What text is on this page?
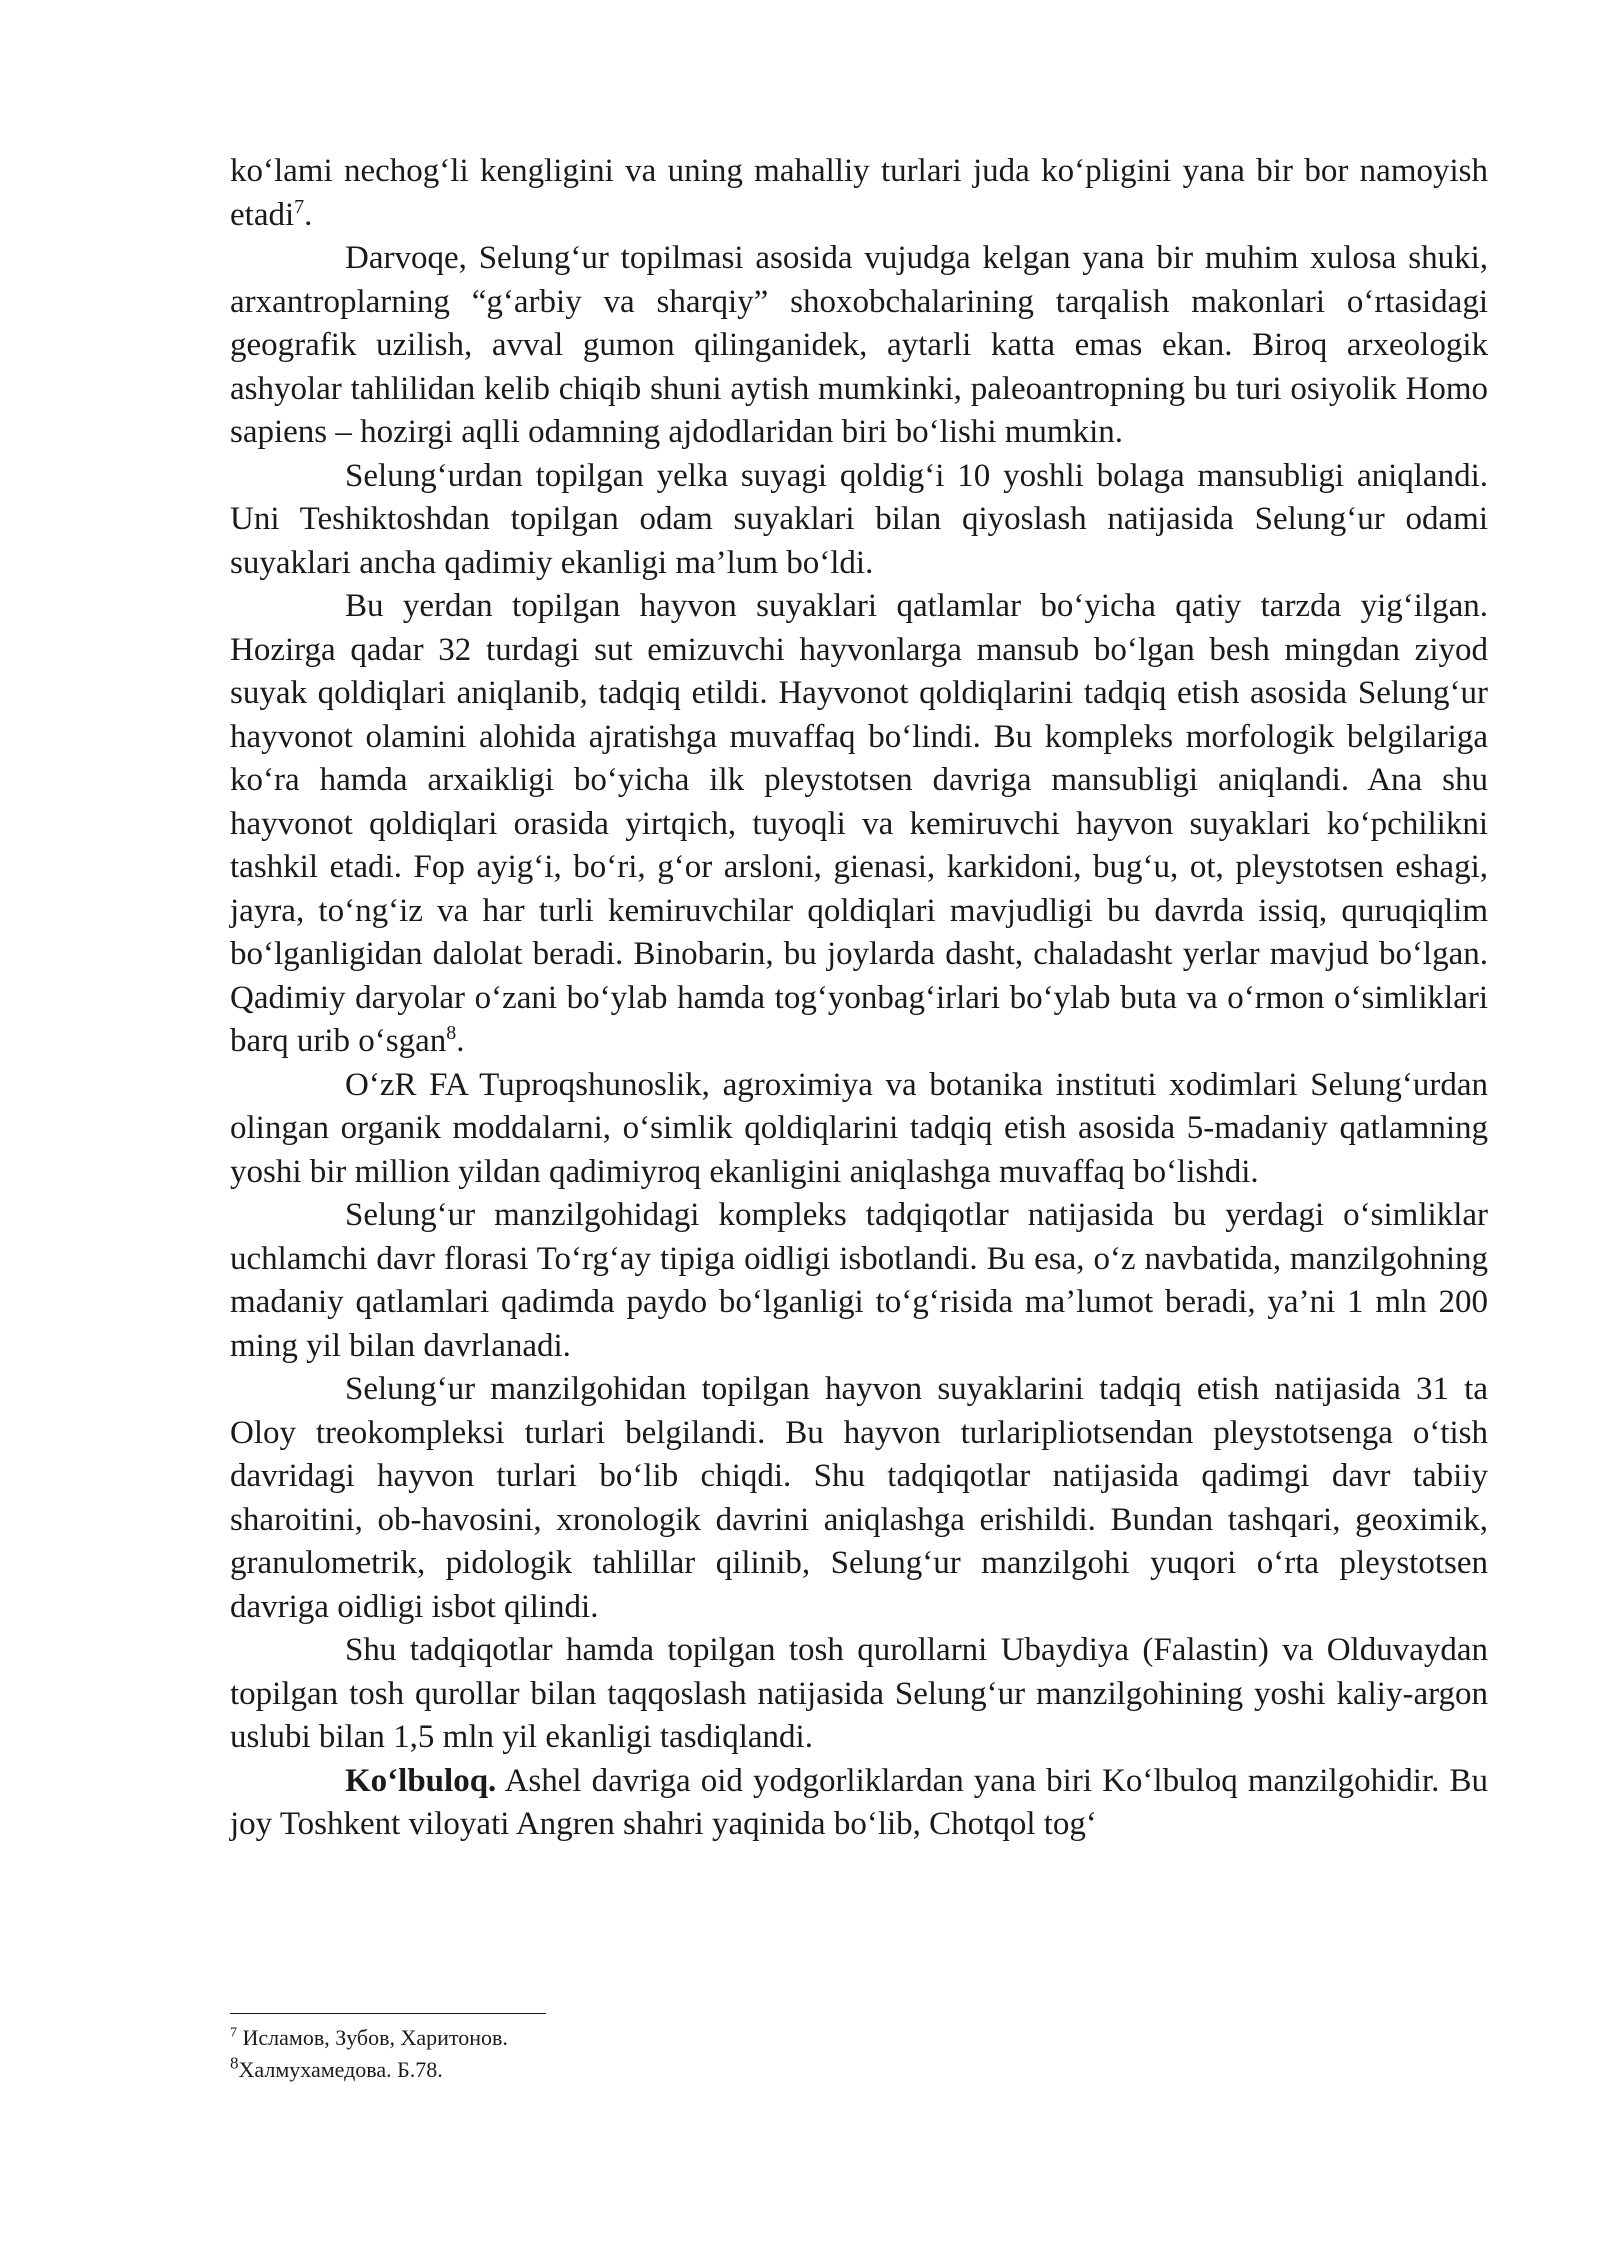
ko‘lami nechog‘li kengligini va uning mahalliy turlari juda ko‘pligini yana bir bor namoyish etadi$^7$.

Darvoqe, Selung‘ur topilmasi asosida vujudga kelgan yana bir muhim xulosa shuki, arxantroplarning “g‘arbiy va sharqiy” shoxobchalarining tarqalish makonlari o‘rtasidagi geografik uzilish, avval gumon qilinganidek, aytarli katta emas ekan. Biroq arxeologik ashyolar tahlilidan kelib chiqib shuni aytish mumkinki, paleoantropning bu turi osiyolik Homo sapiens – hozirgi aqlli odamning ajdodlaridan biri bo‘lishi mumkin.

Selung‘urdan topilgan yelka suyagi qoldig‘i 10 yoshli bolaga mansubligi aniqlandi. Uni Teshiktoshdan topilgan odam suyaklari bilan qiyoslash natijasida Selung‘ur odami suyaklari ancha qadimiy ekanligi ma’lum bo‘ldi.

Bu yerdan topilgan hayvon suyaklari qatlamlar bo‘yicha qatiy tarzda yig‘ilgan. Hozirga qadar 32 turdagi sut emizuvchi hayvonlarga mansub bo‘lgan besh mingdan ziyod suyak qoldiqlari aniqlanib, tadqiq etildi. Hayvonot qoldiqlarini tadqiq etish asosida Selung‘ur hayvonot olamini alohida ajratishga muvaffaq bo‘lindi. Bu kompleks morfologik belgilariga ko‘ra hamda arxaikligi bo‘yicha ilk pleystotsen davriga mansubligi aniqlandi. Ana shu hayvonot qoldiqlari orasida yirtqich, tuyoqli va kemiruvchi hayvon suyaklari ko‘pchilikni tashkil etadi. Fop ayig‘i, bo‘ri, g‘or arsloni, gienasi, karkidoni, bug‘u, ot, pleystotsen eshagi, jayra, to‘ng‘iz va har turli kemiruvchilar qoldiqlari mavjudligi bu davrda issiq, quruqiqlim bo‘lganligidan dalolat beradi. Binobarin, bu joylarda dasht, chaladasht yerlar mavjud bo‘lgan. Qadimiy daryolar o‘zani bo‘ylab hamda tog‘yonbag‘irlari bo‘ylab buta va o‘rmon o‘simliklari barq urib o‘sgan$^8$.

O‘zR FA Tuproqshunoslik, agroximiya va botanika instituti xodimlari Selung‘urdan olingan organik moddalarni, o‘simlik qoldiqlarini tadqiq etish asosida 5-madaniy qatlamning yoshi bir million yildan qadimiyroq ekanligini aniqlashga muvaffaq bo‘lishdi.

Selung‘ur manzilgohidagi kompleks tadqiqotlar natijasida bu yerdagi o‘simliklar uchlamchi davr florasi To‘rg‘ay tipiga oidligi isbotlandi. Bu esa, o‘z navbatida, manzilgohning madaniy qatlamlari qadimda paydo bo‘lganligi to‘g‘risida ma’lumot beradi, ya’ni 1 mln 200 ming yil bilan davrlanadi.

Selung‘ur manzilgohidan topilgan hayvon suyaklarini tadqiq etish natijasida 31 ta Oloy treokompleksi turlari belgilandi. Bu hayvon turlaripliotsendan pleystotsenga o‘tish davridagi hayvon turlari bo‘lib chiqdi. Shu tadqiqotlar natijasida qadimgi davr tabiiy sharoitini, ob-havosini, xronologik davrini aniqlashga erishildi. Bundan tashqari, geoximik, granulometrik, pidologik tahlillar qilinib, Selung‘ur manzilgohi yuqori o‘rta pleystotsen davriga oidligi isbot qilindi.

Shu tadqiqotlar hamda topilgan tosh qurollarni Ubaydiya (Falastin) va Olduvaydan topilgan tosh qurollar bilan taqqoslash natijasida Selung‘ur manzilgohining yoshi kaliy-argon uslubi bilan 1,5 mln yil ekanligi tasdiqlandi.

Ko‘lbuloq. Ashel davriga oid yodgorliklardan yana biri Ko‘lbuloq manzilgohidir. Bu joy Toshkent viloyati Angren shahri yaqinida bo‘lib, Chotqol tog‘

$^7$ Исламов, Зубов, Харитонов.

$^8$Халмухамедова. Б.78.
